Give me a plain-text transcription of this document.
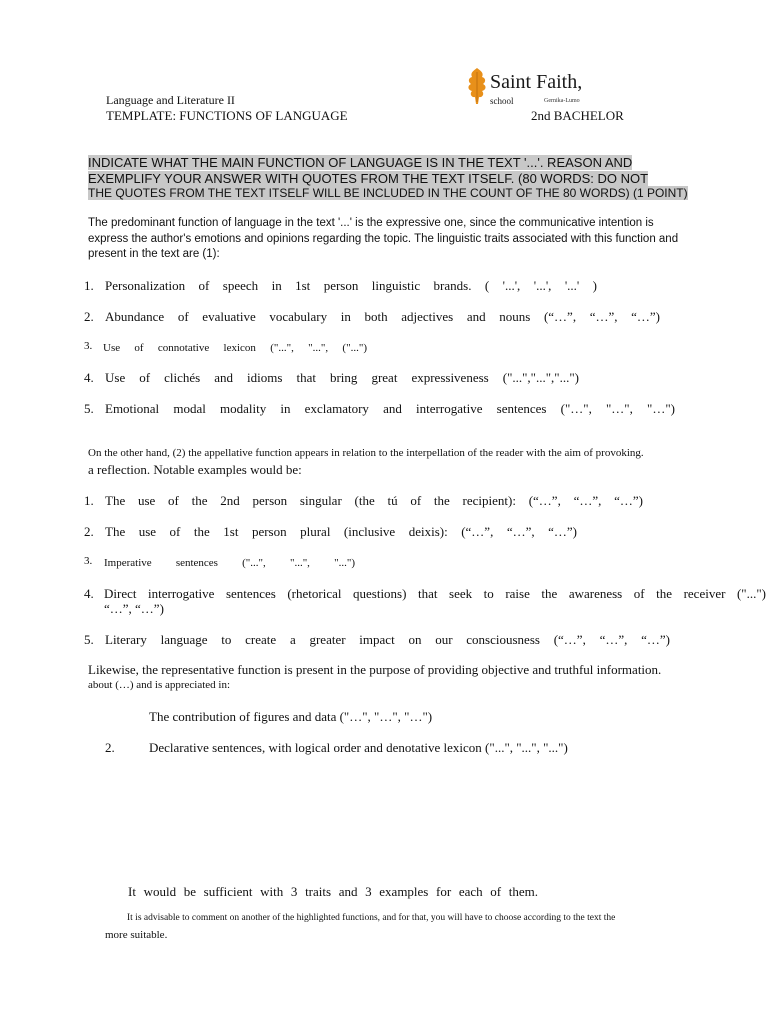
Language and Literature II
TEMPLATE: FUNCTIONS OF LANGUAGE	2nd BACHELOR
Saint Faith,
school	Gernika-Lumo
INDICATE WHAT THE MAIN FUNCTION OF LANGUAGE IS IN THE TEXT '...'. REASON AND
EXEMPLIFY YOUR ANSWER WITH QUOTES FROM THE TEXT ITSELF. (80 WORDS: DO NOT
THE QUOTES FROM THE TEXT ITSELF WILL BE INCLUDED IN THE COUNT OF THE 80 WORDS) (1 POINT)
The predominant function of language in the text '...' is the expressive one, since the communicative intention is
express the author's emotions and opinions regarding the topic. The linguistic traits associated with this function and
present in the text are (1):
1. Personalization of speech in 1st person linguistic brands. ( '...', '...', '...' )
2. Abundance of evaluative vocabulary in both adjectives and nouns (“…”, “…”, “…”)
3. Use of connotative lexicon ("...", "...", ("...")
4. Use of clichés and idioms that bring great expressiveness ("...","...","...")
5. Emotional modal modality in exclamatory and interrogative sentences ("…", "…", "…")
On the other hand, (2) the appellative function appears in relation to the interpellation of the reader with the aim of provoking.
a reflection. Notable examples would be:
1. The use of the 2nd person singular (the tú of the recipient): (“…”, “…”, “…”)
2. The use of the 1st person plural (inclusive deixis): (“…”, “…”, “…”)
3. Imperative sentences ("...", "...", "...")
4. Direct interrogative sentences (rhetorical questions) that seek to raise the awareness of the receiver ("...")
“…”, “…”)
5. Literary language to create a greater impact on our consciousness (“…”, “…”, “…”)
Likewise, the representative function is present in the purpose of providing objective and truthful information.
about (…) and is appreciated in:
The contribution of figures and data ("…", "…", "…")
2.	Declarative sentences, with logical order and denotative lexicon ("...", "...", "...")
It would be sufficient with 3 traits and 3 examples for each of them.
It is advisable to comment on another of the highlighted functions, and for that, you will have to choose according to the text the
more suitable.
